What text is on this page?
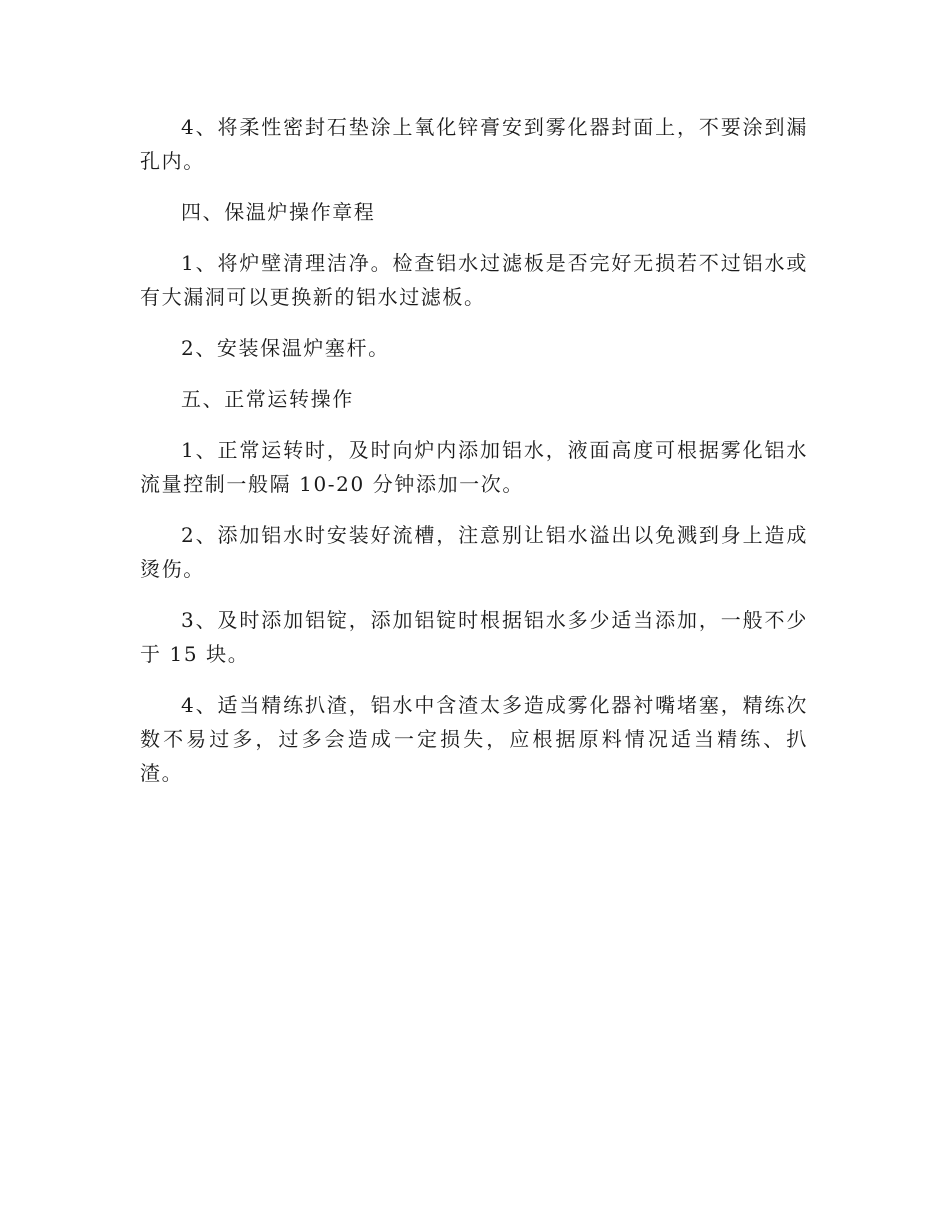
4、将柔性密封石垫涂上氧化锌膏安到雾化器封面上，不要涂到漏孔内。

四、保温炉操作章程

1、将炉壁清理洁净。检查铝水过滤板是否完好无损若不过铝水或有大漏洞可以更换新的铝水过滤板。

2、安装保温炉塞杆。

五、正常运转操作

1、正常运转时，及时向炉内添加铝水，液面高度可根据雾化铝水流量控制一般隔 10-20 分钟添加一次。

2、添加铝水时安装好流槽，注意别让铝水溢出以免溅到身上造成烫伤。

3、及时添加铝锭，添加铝锭时根据铝水多少适当添加，一般不少于 15 块。

4、适当精练扒渣，铝水中含渣太多造成雾化器衬嘴堵塞，精练次数不易过多，过多会造成一定损失，应根据原料情况适当精练、扒渣。
